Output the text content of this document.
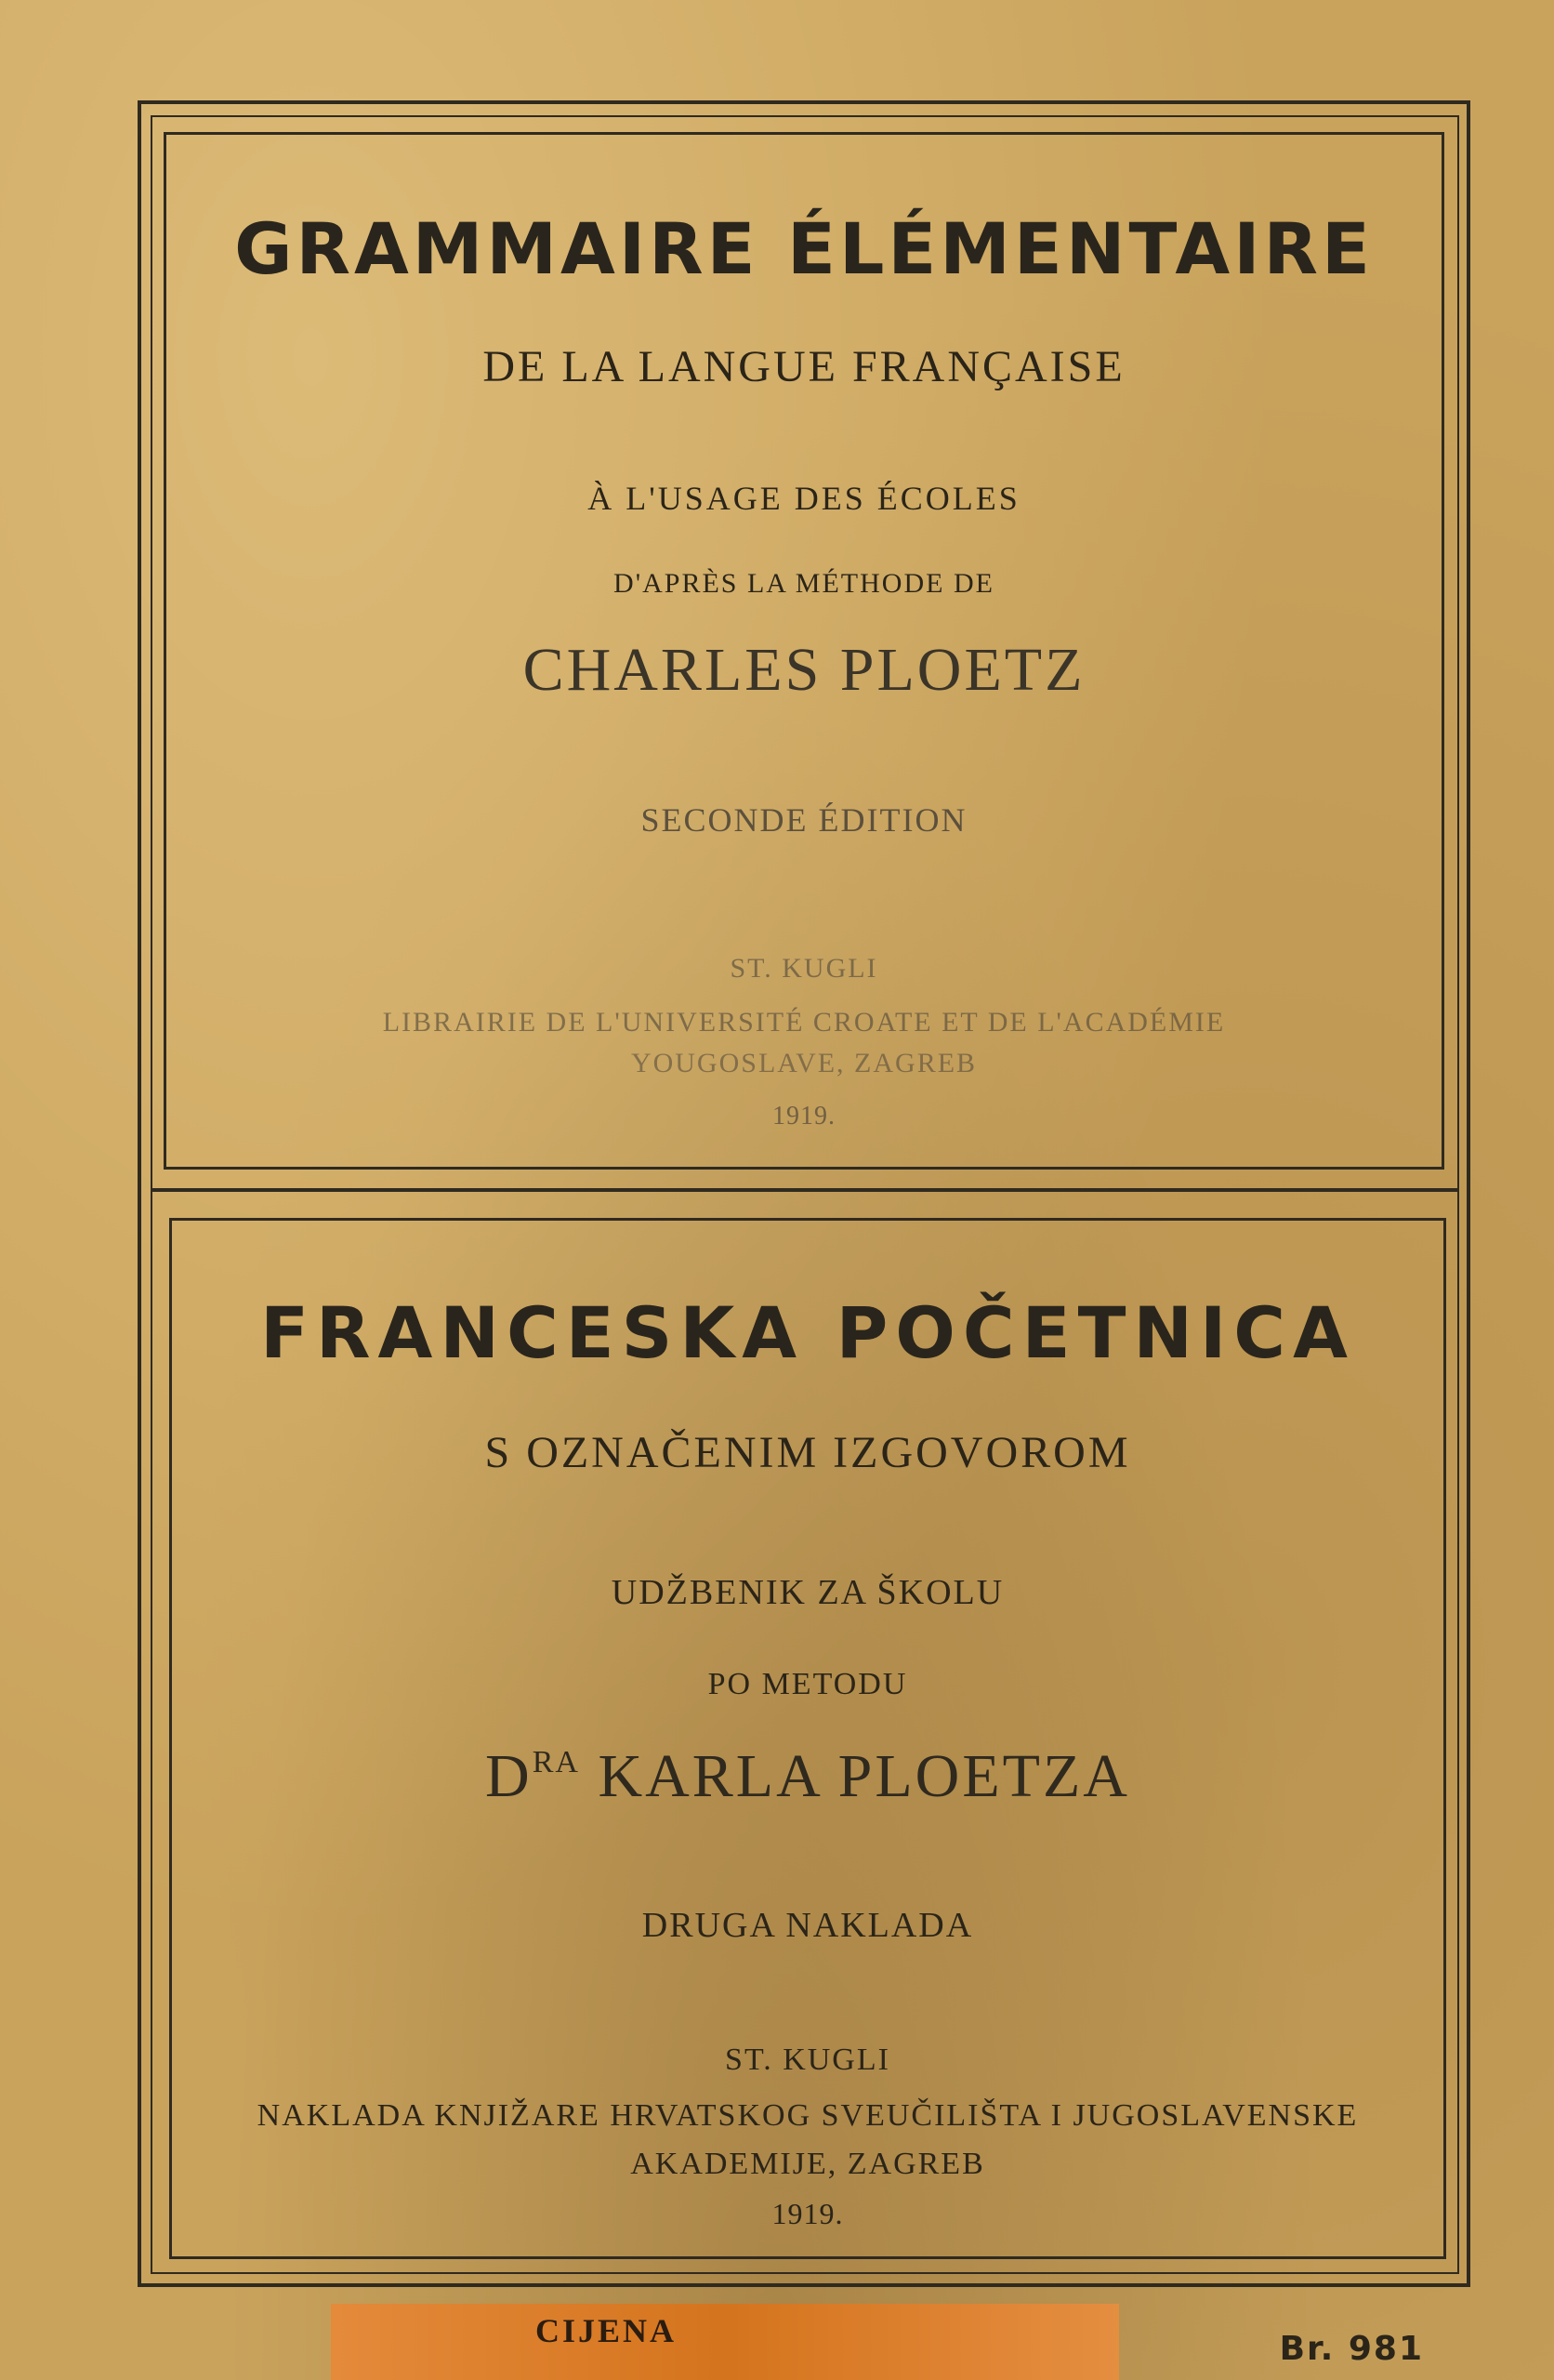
GRAMMAIRE ÉLÉMENTAIRE
DE LA LANGUE FRANÇAISE
À L'USAGE DES ÉCOLES
D'APRÈS LA MÉTHODE DE
CHARLES PLOETZ
SECONDE ÉDITION
ST. KUGLI
LIBRAIRIE DE L'UNIVERSITÉ CROATE ET DE L'ACADÉMIE
YOUGOSLAVE, ZAGREB
1919.
FRANCESKA POČETNICA
S OZNAČENIM IZGOVOROM
UDŽBENIK ZA ŠKOLU
PO METODU
$D^{RA}$ KARLA PLOETZA
DRUGA NAKLADA
ST. KUGLI
NAKLADA KNJIŽARE HRVATSKOG SVEUČILIŠTA I JUGOSLAVENSKE
AKADEMIJE, ZAGREB
1919.
CIJENA	Br. 981
